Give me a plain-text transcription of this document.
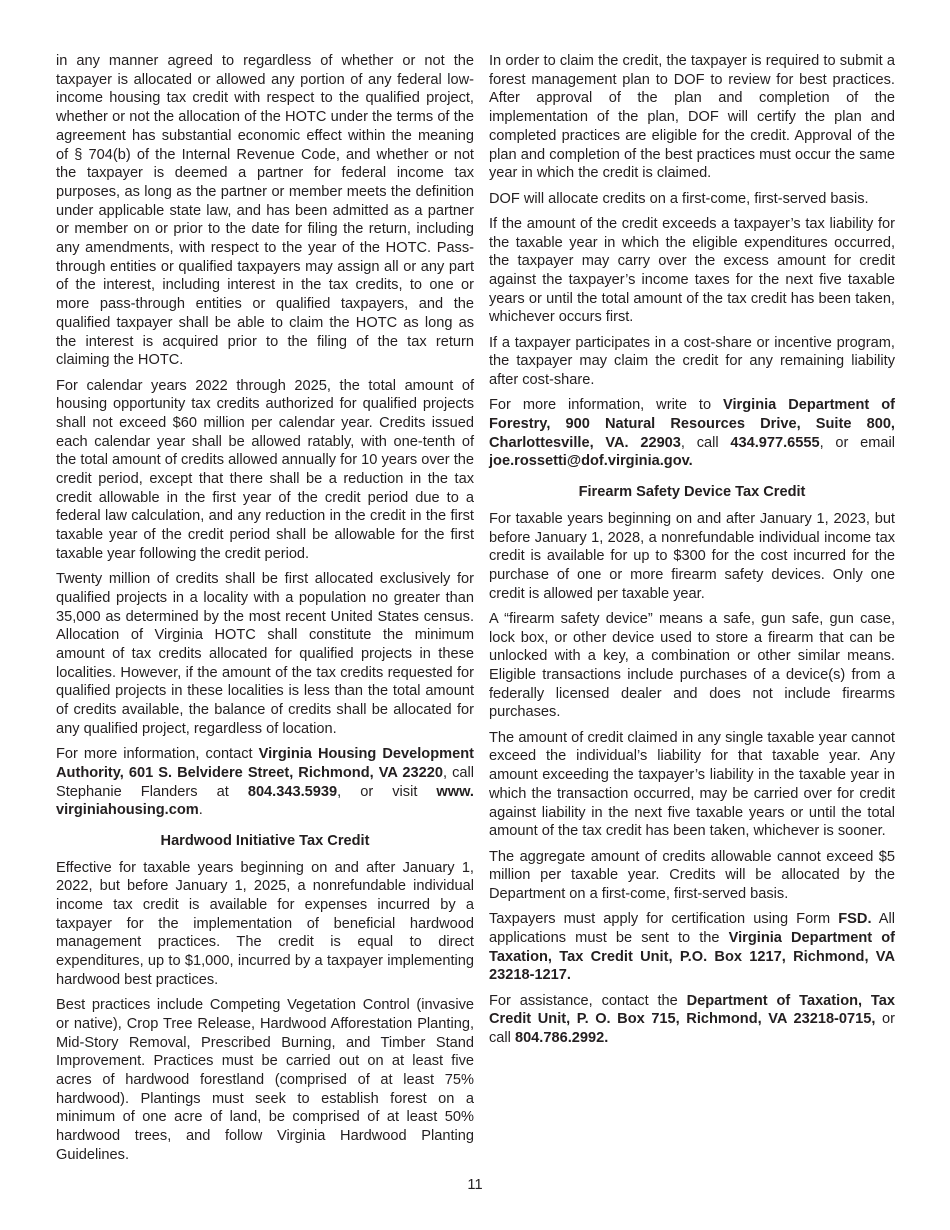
in any manner agreed to regardless of whether or not the taxpayer is allocated or allowed any portion of any federal low-income housing tax credit with respect to the qualified project, whether or not the allocation of the HOTC under the terms of the agreement has substantial economic effect within the meaning of § 704(b) of the Internal Revenue Code, and whether or not the taxpayer is deemed a partner for federal income tax purposes, as long as the partner or member meets the definition under applicable state law, and has been admitted as a partner or member on or prior to the date for filing the return, including any amendments, with respect to the year of the HOTC. Pass-through entities or qualified taxpayers may assign all or any part of the interest, including interest in the tax credits, to one or more pass-through entities or qualified taxpayers, and the qualified taxpayer shall be able to claim the HOTC as long as the interest is acquired prior to the filing of the tax return claiming the HOTC.

For calendar years 2022 through 2025, the total amount of housing opportunity tax credits authorized for qualified projects shall not exceed $60 million per calendar year. Credits issued each calendar year shall be allowed ratably, with one-tenth of the total amount of credits allowed annually for 10 years over the credit period, except that there shall be a reduction in the tax credit allowable in the first year of the credit period due to a federal law calculation, and any reduction in the credit in the first taxable year of the credit period shall be allowable for the first taxable year following the credit period.

Twenty million of credits shall be first allocated exclusively for qualified projects in a locality with a population no greater than 35,000 as determined by the most recent United States census. Allocation of Virginia HOTC shall constitute the minimum amount of tax credits allocated for qualified projects in these localities. However, if the amount of the tax credits requested for qualified projects in these localities is less than the total amount of credits available, the balance of credits shall be allocated for any qualified project, regardless of location.

For more information, contact Virginia Housing Development Authority, 601 S. Belvidere Street, Richmond, VA 23220, call Stephanie Flanders at 804.343.5939, or visit www. virginiahousing.com.

Hardwood Initiative Tax Credit

Effective for taxable years beginning on and after January 1, 2022, but before January 1, 2025, a nonrefundable individual income tax credit is available for expenses incurred by a taxpayer for the implementation of beneficial hardwood management practices. The credit is equal to direct expenditures, up to $1,000, incurred by a taxpayer implementing hardwood best practices.

Best practices include Competing Vegetation Control (invasive or native), Crop Tree Release, Hardwood Afforestation Planting, Mid-Story Removal, Prescribed Burning, and Timber Stand Improvement. Practices must be carried out on at least five acres of hardwood forestland (comprised of at least 75% hardwood). Plantings must seek to establish forest on a minimum of one acre of land, be comprised of at least 50% hardwood trees, and follow Virginia Hardwood Planting Guidelines.

In order to claim the credit, the taxpayer is required to submit a forest management plan to DOF to review for best practices. After approval of the plan and completion of the implementation of the plan, DOF will certify the plan and completed practices are eligible for the credit. Approval of the plan and completion of the best practices must occur the same year in which the credit is claimed.

DOF will allocate credits on a first-come, first-served basis.

If the amount of the credit exceeds a taxpayer’s tax liability for the taxable year in which the eligible expenditures occurred, the taxpayer may carry over the excess amount for credit against the taxpayer’s income taxes for the next five taxable years or until the total amount of the tax credit has been taken, whichever occurs first.

If a taxpayer participates in a cost-share or incentive program, the taxpayer may claim the credit for any remaining liability after cost-share.

For more information, write to Virginia Department of Forestry, 900 Natural Resources Drive, Suite 800, Charlottesville, VA. 22903, call 434.977.6555, or email joe.rossetti@dof.virginia.gov.

Firearm Safety Device Tax Credit

For taxable years beginning on and after January 1, 2023, but before January 1, 2028, a nonrefundable individual income tax credit is available for up to $300 for the cost incurred for the purchase of one or more firearm safety devices. Only one credit is allowed per taxable year.

A “firearm safety device” means a safe, gun safe, gun case, lock box, or other device used to store a firearm that can be unlocked with a key, a combination or other similar means. Eligible transactions include purchases of a device(s) from a federally licensed dealer and does not include firearms purchases.

The amount of credit claimed in any single taxable year cannot exceed the individual’s liability for that taxable year. Any amount exceeding the taxpayer’s liability in the taxable year in which the transaction occurred, may be carried over for credit against liability in the next five taxable years or until the total amount of the tax credit has been taken, whichever is sooner.

The aggregate amount of credits allowable cannot exceed $5 million per taxable year. Credits will be allocated by the Department on a first-come, first-served basis.

Taxpayers must apply for certification using Form FSD. All applications must be sent to the Virginia Department of Taxation, Tax Credit Unit, P.O. Box 1217, Richmond, VA 23218-1217.

For assistance, contact the Department of Taxation, Tax Credit Unit, P. O. Box 715, Richmond, VA 23218-0715, or call 804.786.2992.

11
